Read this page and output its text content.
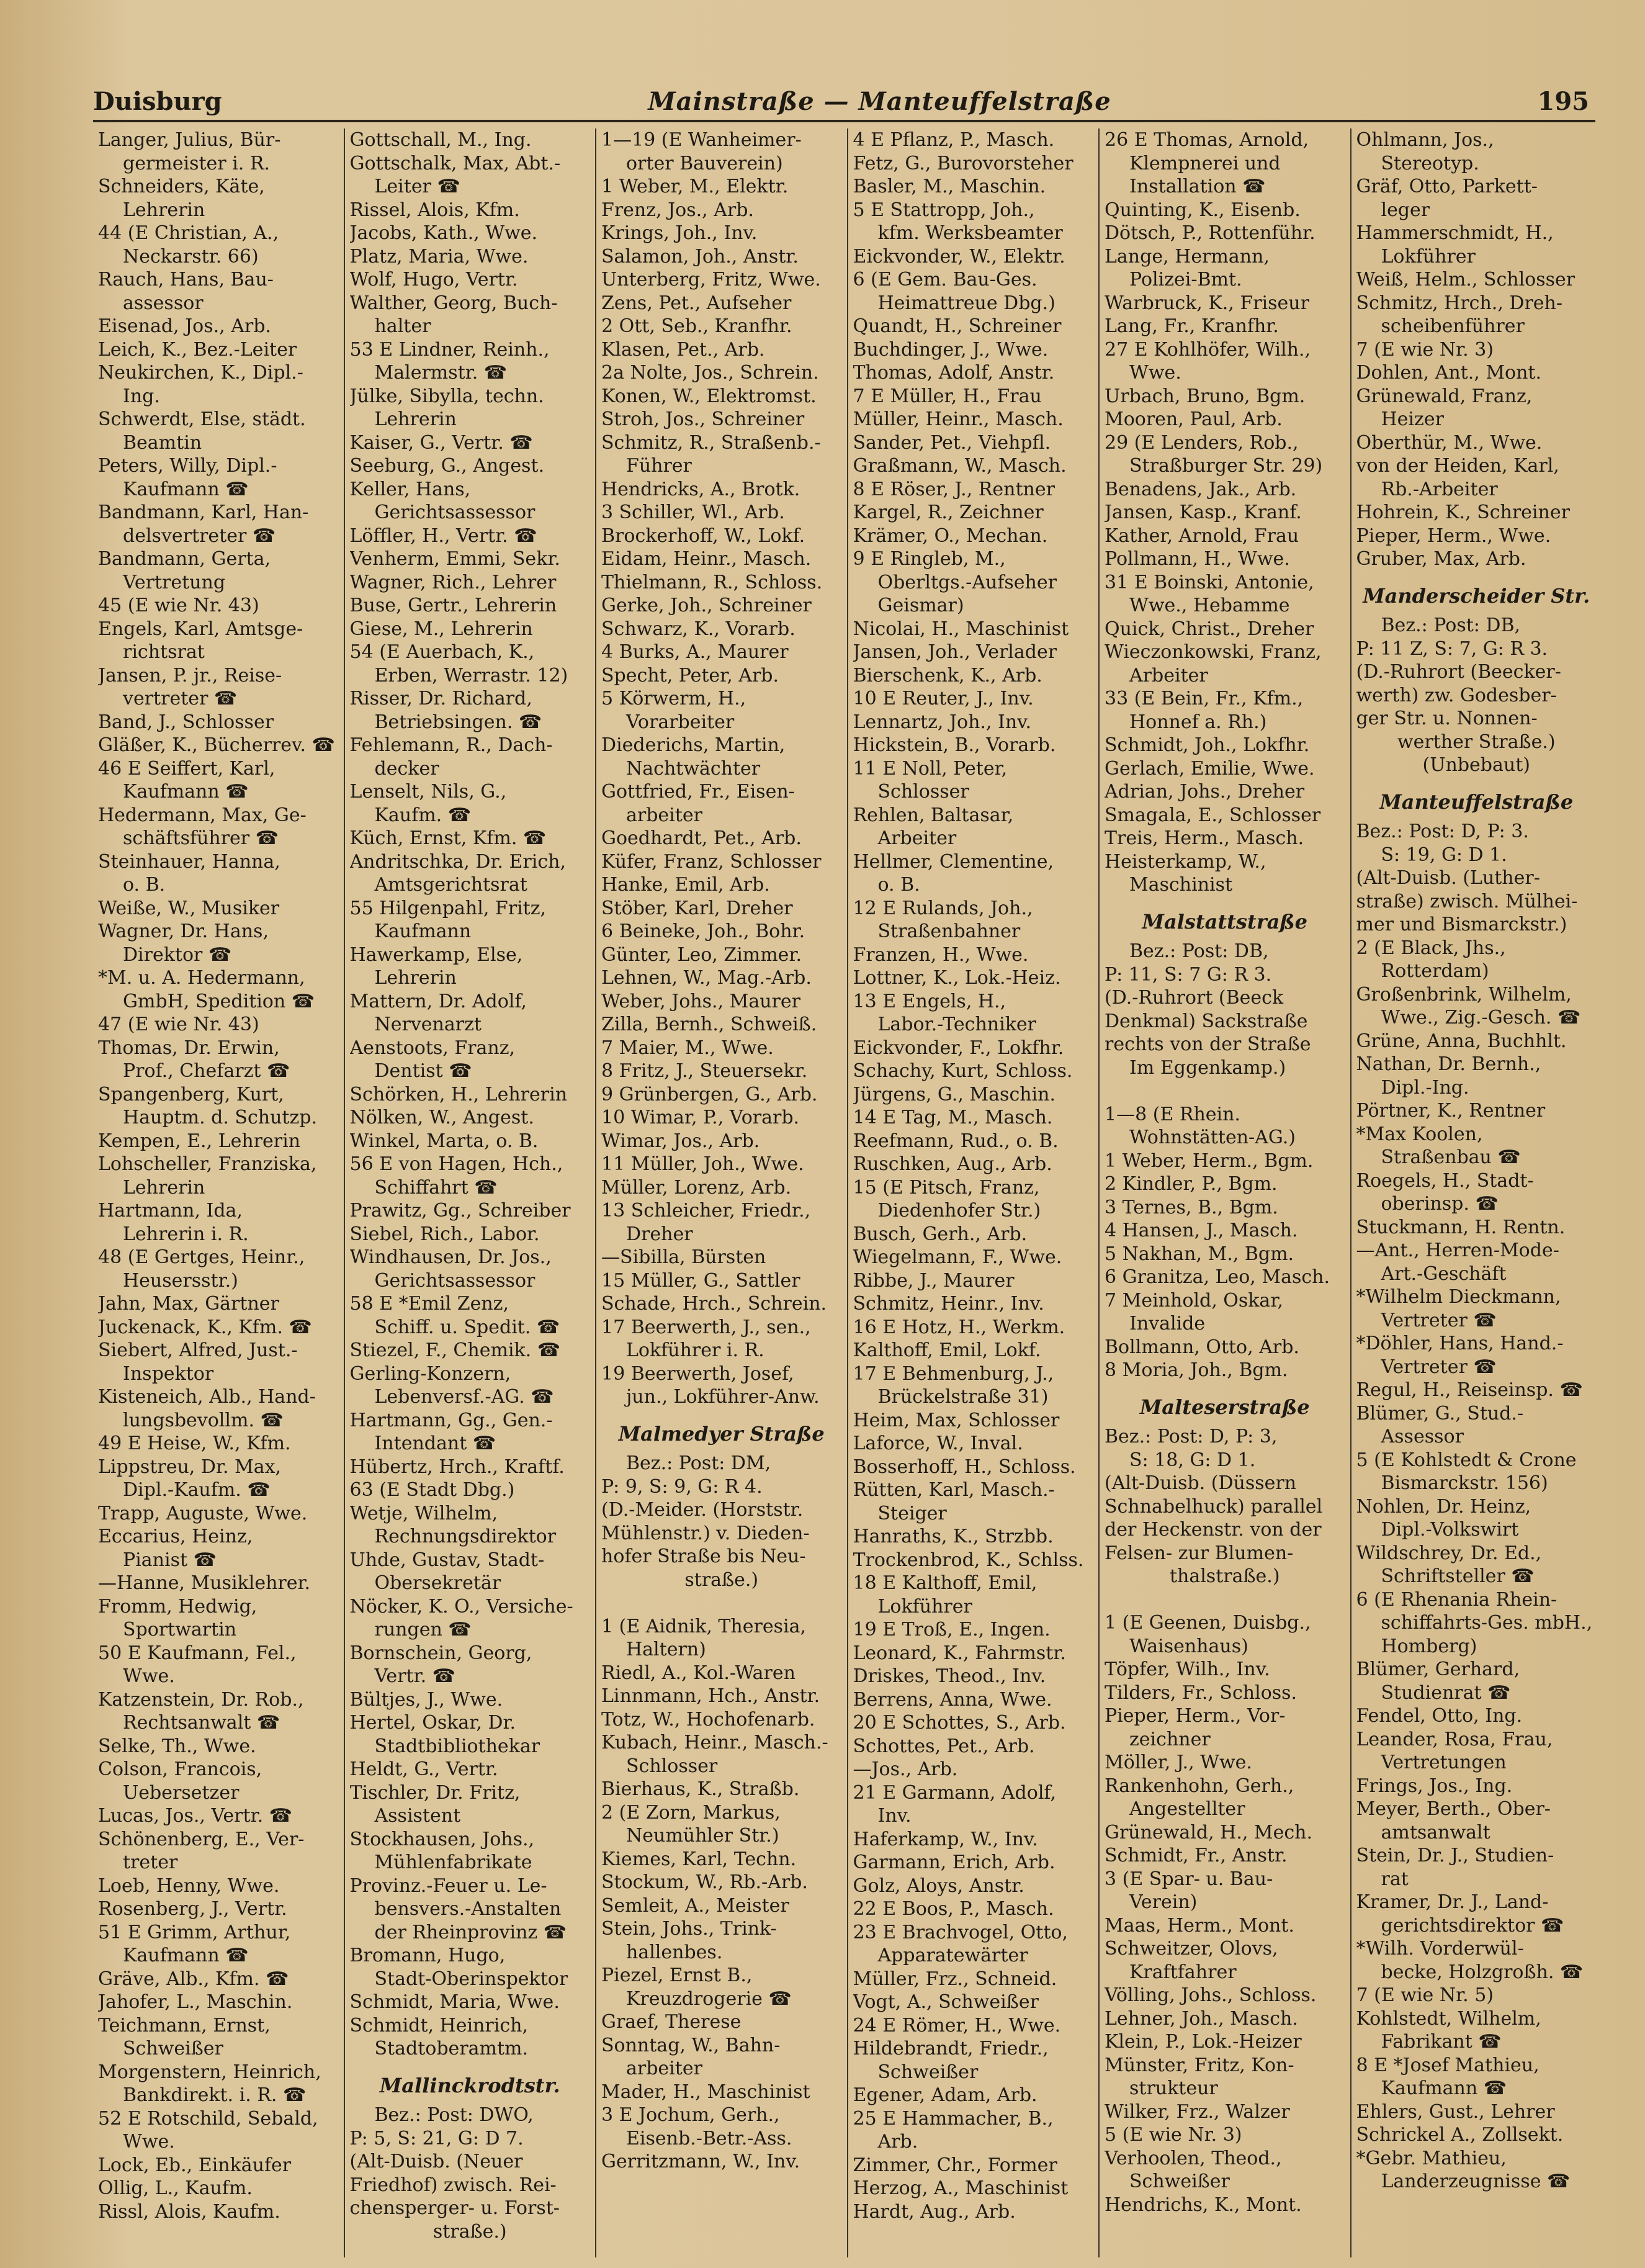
Duisburg	Mainstraße — Manteuffelstraße	195
Langer, Julius, Bür-
germeister i. R.
Schneiders, Käte,
Lehrerin
44 (E Christian, A.,
Neckarstr. 66)
Rauch, Hans, Bau-
assessor
Eisenad, Jos., Arb.
Leich, K., Bez.-Leiter
Neukirchen, K., Dipl.-
Ing.
Schwerdt, Else, städt.
Beamtin
Peters, Willy, Dipl.-
Kaufmann ☎
Bandmann, Karl, Han-
delsvertreter ☎
Bandmann, Gerta,
Vertretung
45 (E wie Nr. 43)
Engels, Karl, Amtsge-
richtsrat
Jansen, P. jr., Reise-
vertreter ☎
Band, J., Schlosser
Gläßer, K., Bücherrev. ☎
46 E Seiffert, Karl,
Kaufmann ☎
Hedermann, Max, Ge-
schäftsführer ☎
Steinhauer, Hanna,
o. B.
Weiße, W., Musiker
Wagner, Dr. Hans,
Direktor ☎
*M. u. A. Hedermann,
GmbH, Spedition ☎
47 (E wie Nr. 43)
Thomas, Dr. Erwin,
Prof., Chefarzt ☎
Spangenberg, Kurt,
Hauptm. d. Schutzp.
Kempen, E., Lehrerin
Lohscheller, Franziska,
Lehrerin
Hartmann, Ida,
Lehrerin i. R.
48 (E Gertges, Heinr.,
Heusersstr.)
Jahn, Max, Gärtner
Juckenack, K., Kfm. ☎
Siebert, Alfred, Just.-
Inspektor
Kisteneich, Alb., Hand-
lungsbevollm. ☎
49 E Heise, W., Kfm.
Lippstreu, Dr. Max,
Dipl.-Kaufm. ☎
Trapp, Auguste, Wwe.
Eccarius, Heinz,
Pianist ☎
—Hanne, Musiklehrer.
Fromm, Hedwig,
Sportwartin
50 E Kaufmann, Fel.,
Wwe.
Katzenstein, Dr. Rob.,
Rechtsanwalt ☎
Selke, Th., Wwe.
Colson, Francois,
Uebersetzer
Lucas, Jos., Vertr. ☎
Schönenberg, E., Ver-
treter
Loeb, Henny, Wwe.
Rosenberg, J., Vertr.
51 E Grimm, Arthur,
Kaufmann ☎
Gräve, Alb., Kfm. ☎
Jahofer, L., Maschin.
Teichmann, Ernst,
Schweißer
Morgenstern, Heinrich,
Bankdirekt. i. R. ☎
52 E Rotschild, Sebald,
Wwe.
Lock, Eb., Einkäufer
Ollig, L., Kaufm.
Rissl, Alois, Kaufm.
Gottschall, M., Ing.
Gottschalk, Max, Abt.-
Leiter ☎
Rissel, Alois, Kfm.
Jacobs, Kath., Wwe.
Platz, Maria, Wwe.
Wolf, Hugo, Vertr.
Walther, Georg, Buch-
halter
53 E Lindner, Reinh.,
Malermstr. ☎
Jülke, Sibylla, techn.
Lehrerin
Kaiser, G., Vertr. ☎
Seeburg, G., Angest.
Keller, Hans,
Gerichtsassessor
Löffler, H., Vertr. ☎
Venherm, Emmi, Sekr.
Wagner, Rich., Lehrer
Buse, Gertr., Lehrerin
Giese, M., Lehrerin
54 (E Auerbach, K.,
Erben, Werrastr. 12)
Risser, Dr. Richard,
Betriebsingen. ☎
Fehlemann, R., Dach-
decker
Lenselt, Nils, G.,
Kaufm. ☎
Küch, Ernst, Kfm. ☎
Andritschka, Dr. Erich,
Amtsgerichtsrat
55 Hilgenpahl, Fritz,
Kaufmann
Hawerkamp, Else,
Lehrerin
Mattern, Dr. Adolf,
Nervenarzt
Aenstoots, Franz,
Dentist ☎
Schörken, H., Lehrerin
Nölken, W., Angest.
Winkel, Marta, o. B.
56 E von Hagen, Hch.,
Schiffahrt ☎
Prawitz, Gg., Schreiber
Siebel, Rich., Labor.
Windhausen, Dr. Jos.,
Gerichtsassessor
58 E *Emil Zenz,
Schiff. u. Spedit. ☎
Stiezel, F., Chemik. ☎
Gerling-Konzern,
Lebenversf.-AG. ☎
Hartmann, Gg., Gen.-
Intendant ☎
Hübertz, Hrch., Kraftf.
63 (E Stadt Dbg.)
Wetje, Wilhelm,
Rechnungsdirektor
Uhde, Gustav, Stadt-
Obersekretär
Nöcker, K. O., Versiche-
rungen ☎
Bornschein, Georg,
Vertr. ☎
Bültjes, J., Wwe.
Hertel, Oskar, Dr.
Stadtbibliothekar
Heldt, G., Vertr.
Tischler, Dr. Fritz,
Assistent
Stockhausen, Johs.,
Mühlenfabrikate
Provinz.-Feuer u. Le-
bensvers.-Anstalten
der Rheinprovinz ☎
Bromann, Hugo,
Stadt-Oberinspektor
Schmidt, Maria, Wwe.
Schmidt, Heinrich,
Stadtoberamtm.
Mallinckrodtstr.
Bez.: Post: DWO,
P: 5, S: 21, G: D 7.
(Alt-Duisb. (Neuer
Friedhof) zwisch. Rei-
chensperger- u. Forst-
straße.)
1—19 (E Wanheimer-
orter Bauverein)
1 Weber, M., Elektr.
Frenz, Jos., Arb.
Krings, Joh., Inv.
Salamon, Joh., Anstr.
Unterberg, Fritz, Wwe.
Zens, Pet., Aufseher
2 Ott, Seb., Kranfhr.
Klasen, Pet., Arb.
2a Nolte, Jos., Schrein.
Konen, W., Elektromst.
Stroh, Jos., Schreiner
Schmitz, R., Straßenb.-
Führer
Hendricks, A., Brotk.
3 Schiller, Wl., Arb.
Brockerhoff, W., Lokf.
Eidam, Heinr., Masch.
Thielmann, R., Schloss.
Gerke, Joh., Schreiner
Schwarz, K., Vorarb.
4 Burks, A., Maurer
Specht, Peter, Arb.
5 Körwerm, H.,
Vorarbeiter
Diederichs, Martin,
Nachtwächter
Gottfried, Fr., Eisen-
arbeiter
Goedhardt, Pet., Arb.
Küfer, Franz, Schlosser
Hanke, Emil, Arb.
Stöber, Karl, Dreher
6 Beineke, Joh., Bohr.
Günter, Leo, Zimmer.
Lehnen, W., Mag.-Arb.
Weber, Johs., Maurer
Zilla, Bernh., Schweiß.
7 Maier, M., Wwe.
8 Fritz, J., Steuersekr.
9 Grünbergen, G., Arb.
10 Wimar, P., Vorarb.
Wimar, Jos., Arb.
11 Müller, Joh., Wwe.
Müller, Lorenz, Arb.
13 Schleicher, Friedr.,
Dreher
—Sibilla, Bürsten
15 Müller, G., Sattler
Schade, Hrch., Schrein.
17 Beerwerth, J., sen.,
Lokführer i. R.
19 Beerwerth, Josef,
jun., Lokführer-Anw.
Malmedyer Straße
Bez.: Post: DM,
P: 9, S: 9, G: R 4.
(D.-Meider. (Horststr.
Mühlenstr.) v. Dieden-
hofer Straße bis Neu-
straße.)

1 (E Aidnik, Theresia,
Haltern)
Riedl, A., Kol.-Waren
Linnmann, Hch., Anstr.
Totz, W., Hochofenarb.
Kubach, Heinr., Masch.-
Schlosser
Bierhaus, K., Straßb.
2 (E Zorn, Markus,
Neumühler Str.)
Kiemes, Karl, Techn.
Stockum, W., Rb.-Arb.
Semleit, A., Meister
Stein, Johs., Trink-
hallenbes.
Piezel, Ernst B.,
Kreuzdrogerie ☎
Graef, Therese
Sonntag, W., Bahn-
arbeiter
Mader, H., Maschinist
3 E Jochum, Gerh.,
Eisenb.-Betr.-Ass.
Gerritzmann, W., Inv.
4 E Pflanz, P., Masch.
Fetz, G., Burovorsteher
Basler, M., Maschin.
5 E Stattropp, Joh.,
kfm. Werksbeamter
Eickvonder, W., Elektr.
6 (E Gem. Bau-Ges.
Heimattreue Dbg.)
Quandt, H., Schreiner
Buchdinger, J., Wwe.
Thomas, Adolf, Anstr.
7 E Müller, H., Frau
Müller, Heinr., Masch.
Sander, Pet., Viehpfl.
Graßmann, W., Masch.
8 E Röser, J., Rentner
Kargel, R., Zeichner
Krämer, O., Mechan.
9 E Ringleb, M.,
Oberltgs.-Aufseher
Geismar)
Nicolai, H., Maschinist
Jansen, Joh., Verlader
Bierschenk, K., Arb.
10 E Reuter, J., Inv.
Lennartz, Joh., Inv.
Hickstein, B., Vorarb.
11 E Noll, Peter,
Schlosser
Rehlen, Baltasar,
Arbeiter
Hellmer, Clementine,
o. B.
12 E Rulands, Joh.,
Straßenbahner
Franzen, H., Wwe.
Lottner, K., Lok.-Heiz.
13 E Engels, H.,
Labor.-Techniker
Eickvonder, F., Lokfhr.
Schachy, Kurt, Schloss.
Jürgens, G., Maschin.
14 E Tag, M., Masch.
Reefmann, Rud., o. B.
Ruschken, Aug., Arb.
15 (E Pitsch, Franz,
Diedenhofer Str.)
Busch, Gerh., Arb.
Wiegelmann, F., Wwe.
Ribbe, J., Maurer
Schmitz, Heinr., Inv.
16 E Hotz, H., Werkm.
Kalthoff, Emil, Lokf.
17 E Behmenburg, J.,
Brückelstraße 31)
Heim, Max, Schlosser
Laforce, W., Inval.
Bosserhoff, H., Schloss.
Rütten, Karl, Masch.-
Steiger
Hanraths, K., Strzbb.
Trockenbrod, K., Schlss.
18 E Kalthoff, Emil,
Lokführer
19 E Troß, E., Ingen.
Leonard, K., Fahrmstr.
Driskes, Theod., Inv.
Berrens, Anna, Wwe.
20 E Schottes, S., Arb.
Schottes, Pet., Arb.
—Jos., Arb.
21 E Garmann, Adolf,
Inv.
Haferkamp, W., Inv.
Garmann, Erich, Arb.
Golz, Aloys, Anstr.
22 E Boos, P., Masch.
23 E Brachvogel, Otto,
Apparatewärter
Müller, Frz., Schneid.
Vogt, A., Schweißer
24 E Römer, H., Wwe.
Hildebrandt, Friedr.,
Schweißer
Egener, Adam, Arb.
25 E Hammacher, B.,
Arb.
Zimmer, Chr., Former
Herzog, A., Maschinist
Hardt, Aug., Arb.
26 E Thomas, Arnold,
Klempnerei und
Installation ☎
Quinting, K., Eisenb.
Dötsch, P., Rottenführ.
Lange, Hermann,
Polizei-Bmt.
Warbruck, K., Friseur
Lang, Fr., Kranfhr.
27 E Kohlhöfer, Wilh.,
Wwe.
Urbach, Bruno, Bgm.
Mooren, Paul, Arb.
29 (E Lenders, Rob.,
Straßburger Str. 29)
Benadens, Jak., Arb.
Jansen, Kasp., Kranf.
Kather, Arnold, Frau
Pollmann, H., Wwe.
31 E Boinski, Antonie,
Wwe., Hebamme
Quick, Christ., Dreher
Wieczonkowski, Franz,
Arbeiter
33 (E Bein, Fr., Kfm.,
Honnef a. Rh.)
Schmidt, Joh., Lokfhr.
Gerlach, Emilie, Wwe.
Adrian, Johs., Dreher
Smagala, E., Schlosser
Treis, Herm., Masch.
Heisterkamp, W.,
Maschinist
Malstattstraße
Bez.: Post: DB,
P: 11, S: 7 G: R 3.
(D.-Ruhrort (Beeck
Denkmal) Sackstraße
rechts von der Straße
Im Eggenkamp.)

1—8 (E Rhein.
Wohnstätten-AG.)
1 Weber, Herm., Bgm.
2 Kindler, P., Bgm.
3 Ternes, B., Bgm.
4 Hansen, J., Masch.
5 Nakhan, M., Bgm.
6 Granitza, Leo, Masch.
7 Meinhold, Oskar,
Invalide
Bollmann, Otto, Arb.
8 Moria, Joh., Bgm.
Malteserstraße
Bez.: Post: D, P: 3,
S: 18, G: D 1.
(Alt-Duisb. (Düssern
Schnabelhuck) parallel
der Heckenstr. von der
Felsen- zur Blumen-
thalstraße.)

1 (E Geenen, Duisbg.,
Waisenhaus)
Töpfer, Wilh., Inv.
Tilders, Fr., Schloss.
Pieper, Herm., Vor-
zeichner
Möller, J., Wwe.
Rankenhohn, Gerh.,
Angestellter
Grünewald, H., Mech.
Schmidt, Fr., Anstr.
3 (E Spar- u. Bau-
Verein)
Maas, Herm., Mont.
Schweitzer, Olovs,
Kraftfahrer
Völling, Johs., Schloss.
Lehner, Joh., Masch.
Klein, P., Lok.-Heizer
Münster, Fritz, Kon-
strukteur
Wilker, Frz., Walzer
5 (E wie Nr. 3)
Verhoolen, Theod.,
Schweißer
Hendrichs, K., Mont.
Ohlmann, Jos.,
Stereotyp.
Gräf, Otto, Parkett-
leger
Hammerschmidt, H.,
Lokführer
Weiß, Helm., Schlosser
Schmitz, Hrch., Dreh-
scheibenführer
7 (E wie Nr. 3)
Dohlen, Ant., Mont.
Grünewald, Franz,
Heizer
Oberthür, M., Wwe.
von der Heiden, Karl,
Rb.-Arbeiter
Hohrein, K., Schreiner
Pieper, Herm., Wwe.
Gruber, Max, Arb.
Manderscheider Str.
Bez.: Post: DB,
P: 11 Z, S: 7, G: R 3.
(D.-Ruhrort (Beecker-
werth) zw. Godesber-
ger Str. u. Nonnen-
werther Straße.)
(Unbebaut)
Manteuffelstraße
Bez.: Post: D, P: 3.
S: 19, G: D 1.
(Alt-Duisb. (Luther-
straße) zwisch. Mülhei-
mer und Bismarckstr.)
2 (E Black, Jhs.,
Rotterdam)
Großenbrink, Wilhelm,
Wwe., Zig.-Gesch. ☎
Grüne, Anna, Buchhlt.
Nathan, Dr. Bernh.,
Dipl.-Ing.
Pörtner, K., Rentner
*Max Koolen,
Straßenbau ☎
Roegels, H., Stadt-
oberinsp. ☎
Stuckmann, H. Rentn.
—Ant., Herren-Mode-
Art.-Geschäft
*Wilhelm Dieckmann,
Vertreter ☎
*Döhler, Hans, Hand.-
Vertreter ☎
Regul, H., Reiseinsp. ☎
Blümer, G., Stud.-
Assessor
5 (E Kohlstedt & Crone
Bismarckstr. 156)
Nohlen, Dr. Heinz,
Dipl.-Volkswirt
Wildschrey, Dr. Ed.,
Schriftsteller ☎
6 (E Rhenania Rhein-
schiffahrts-Ges. mbH.,
Homberg)
Blümer, Gerhard,
Studienrat ☎
Fendel, Otto, Ing.
Leander, Rosa, Frau,
Vertretungen
Frings, Jos., Ing.
Meyer, Berth., Ober-
amtsanwalt
Stein, Dr. J., Studien-
rat
Kramer, Dr. J., Land-
gerichtsdirektor ☎
*Wilh. Vorderwül-
becke, Holzgroßh. ☎
7 (E wie Nr. 5)
Kohlstedt, Wilhelm,
Fabrikant ☎
8 E *Josef Mathieu,
Kaufmann ☎
Ehlers, Gust., Lehrer
Schrickel A., Zollsekt.
*Gebr. Mathieu,
Landerzeugnisse ☎
